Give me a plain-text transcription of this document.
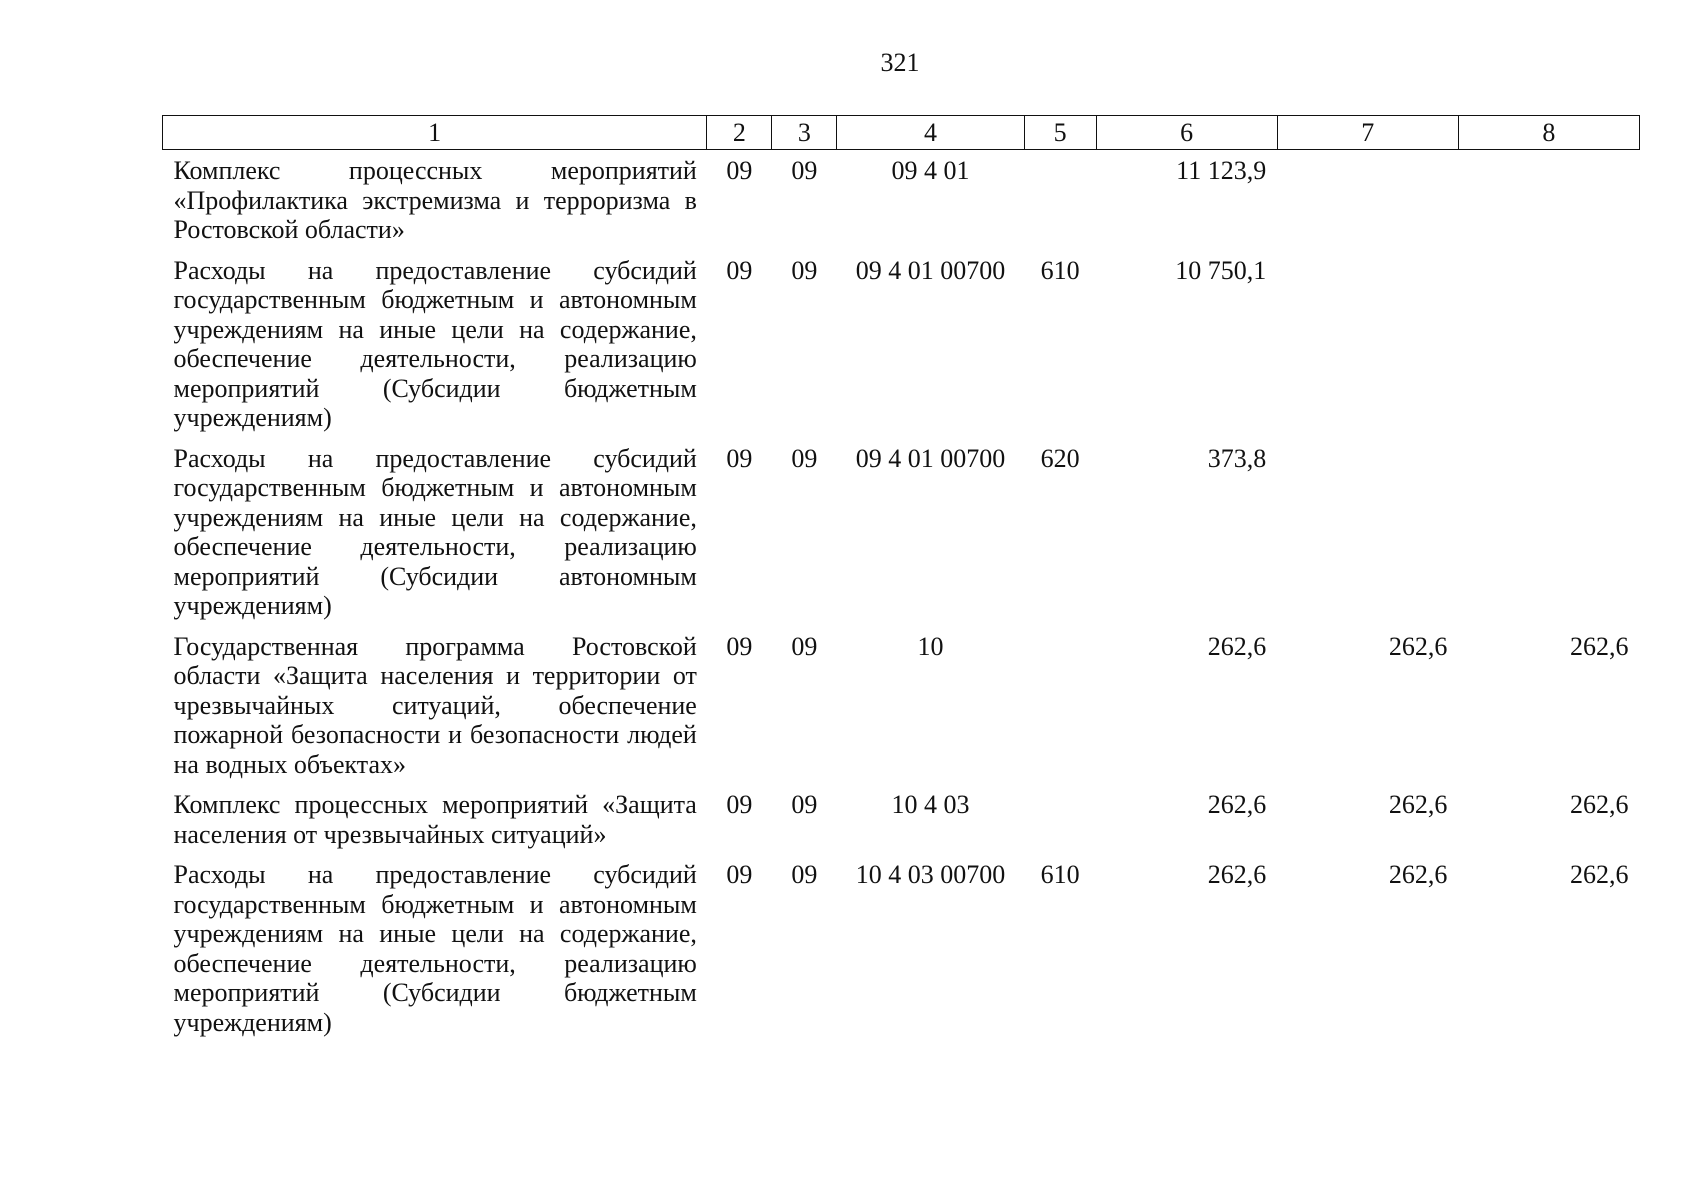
321
1	2	3	4	5	6	7	8
Комплекс процессных мероприятий «Профилактика экстремизма и терроризма в Ростовской области»	09	09	09 4 01		11 123,9		
Расходы на предоставление субсидий государственным бюджетным и автономным учреждениям на иные цели на содержание, обеспечение деятельности, реализацию мероприятий (Субсидии бюджетным учреждениям)	09	09	09 4 01 00700	610	10 750,1		
Расходы на предоставление субсидий государственным бюджетным и автономным учреждениям на иные цели на содержание, обеспечение деятельности, реализацию мероприятий (Субсидии автономным учреждениям)	09	09	09 4 01 00700	620	373,8		
Государственная программа Ростовской области «Защита населения и территории от чрезвычайных ситуаций, обеспечение пожарной безопасности и безопасности людей на водных объектах»	09	09	10		262,6	262,6	262,6
Комплекс процессных мероприятий «Защита населения от чрезвычайных ситуаций»	09	09	10 4 03		262,6	262,6	262,6
Расходы на предоставление субсидий государственным бюджетным и автономным учреждениям на иные цели на содержание, обеспечение деятельности, реализацию мероприятий (Субсидии бюджетным учреждениям)	09	09	10 4 03 00700	610	262,6	262,6	262,6
